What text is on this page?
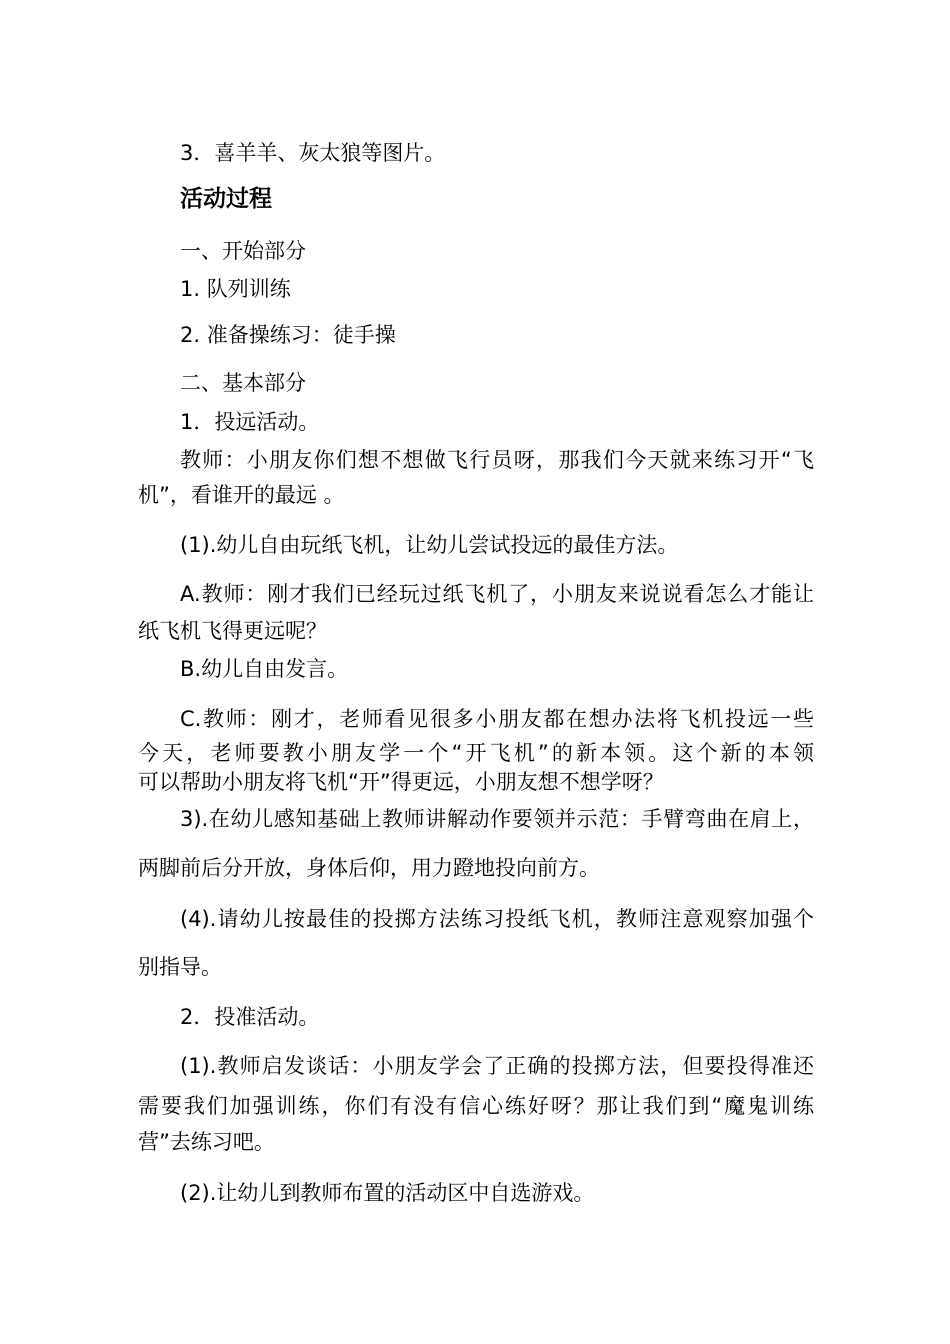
3．喜羊羊、灰太狼等图片。

活动过程

一、开始部分

1. 队列训练

2. 准备操练习：徒手操

二、基本部分

1．投远活动。

教师：小朋友你们想不想做飞行员呀，那我们今天就来练习开“飞

机”，看谁开的最远 。

(1).幼儿自由玩纸飞机，让幼儿尝试投远的最佳方法。

A.教师：刚才我们已经玩过纸飞机了，小朋友来说说看怎么才能让

纸飞机飞得更远呢？

B.幼儿自由发言。

C.教师：刚才，老师看见很多小朋友都在想办法将飞机投远一些

今天，老师要教小朋友学一个“开飞机”的新本领。这个新的本领

可以帮助小朋友将飞机“开”得更远，小朋友想不想学呀？

3).在幼儿感知基础上教师讲解动作要领并示范：手臂弯曲在肩上，

两脚前后分开放，身体后仰，用力蹬地投向前方。

(4).请幼儿按最佳的投掷方法练习投纸飞机，教师注意观察加强个

别指导。

2．投准活动。

(1).教师启发谈话：小朋友学会了正确的投掷方法，但要投得准还

需要我们加强训练，你们有没有信心练好呀？那让我们到“魔鬼训练

营”去练习吧。

(2).让幼儿到教师布置的活动区中自选游戏。
